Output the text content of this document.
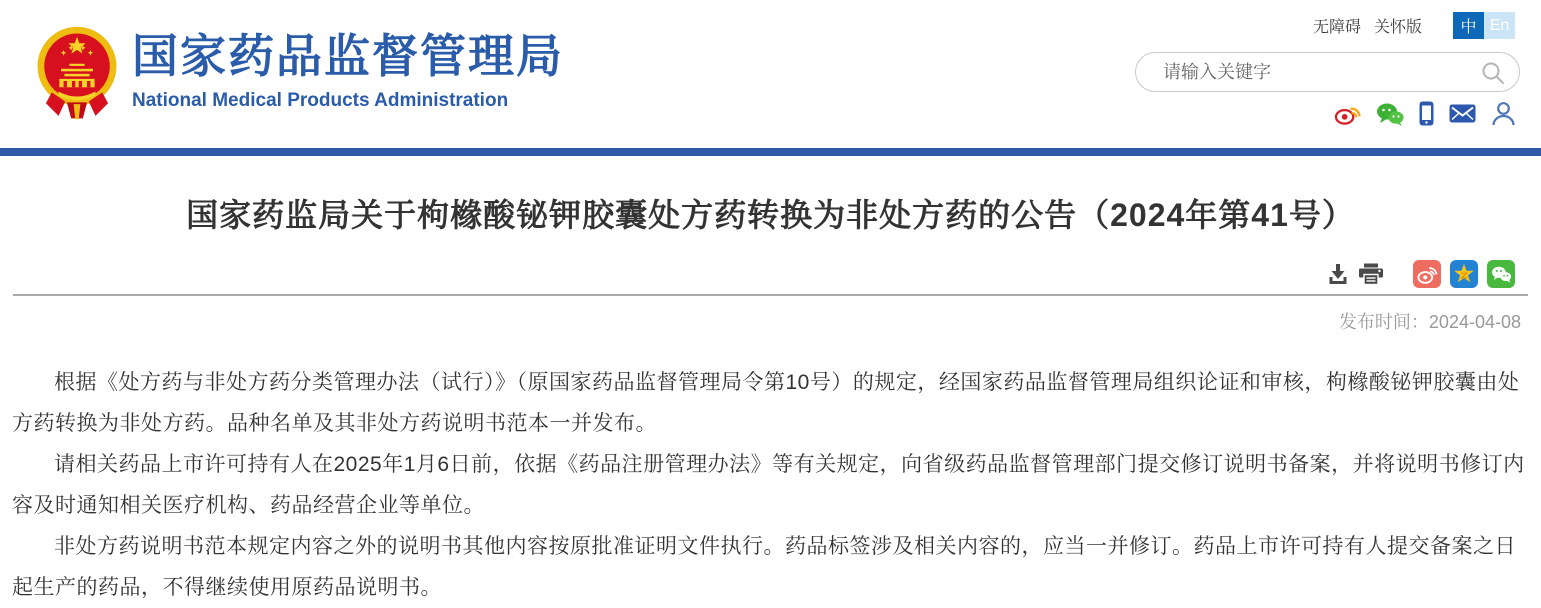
国家药品监督管理局
National Medical Products Administration
无障碍 关怀版	中 En
请输入关键字
国家药监局关于枸橼酸铋钾胶囊处方药转换为非处方药的公告（2024年第41号）
发布时间：2024-04-08

根据《处方药与非处方药分类管理办法（试行）》（原国家药品监督管理局令第10号）的规定，经国家药品监督管理局组织论证和审核，枸橼酸铋钾胶囊由处方药转换为非处方药。品种名单及其非处方药说明书范本一并发布。

请相关药品上市许可持有人在2025年1月6日前，依据《药品注册管理办法》等有关规定，向省级药品监督管理部门提交修订说明书备案，并将说明书修订内容及时通知相关医疗机构、药品经营企业等单位。

非处方药说明书范本规定内容之外的说明书其他内容按原批准证明文件执行。药品标签涉及相关内容的，应当一并修订。药品上市许可持有人提交备案之日起生产的药品，不得继续使用原药品说明书。
